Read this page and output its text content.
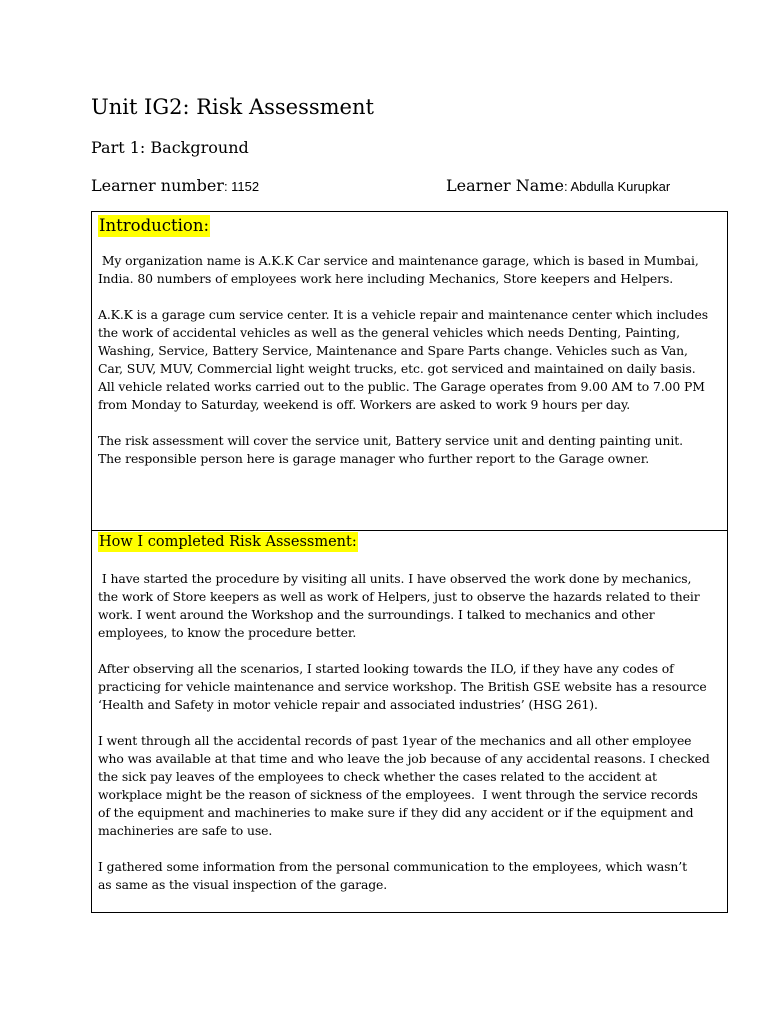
Unit IG2: Risk Assessment
Part 1: Background
Learner number: 1152	Learner Name: Abdulla Kurupkar
Introduction:

My organization name is A.K.K Car service and maintenance garage, which is based in Mumbai,
India. 80 numbers of employees work here including Mechanics, Store keepers and Helpers.

A.K.K is a garage cum service center. It is a vehicle repair and maintenance center which includes
the work of accidental vehicles as well as the general vehicles which needs Denting, Painting,
Washing, Service, Battery Service, Maintenance and Spare Parts change. Vehicles such as Van,
Car, SUV, MUV, Commercial light weight trucks, etc. got serviced and maintained on daily basis.
All vehicle related works carried out to the public. The Garage operates from 9.00 AM to 7.00 PM
from Monday to Saturday, weekend is off. Workers are asked to work 9 hours per day.

The risk assessment will cover the service unit, Battery service unit and denting painting unit.
The responsible person here is garage manager who further report to the Garage owner.

How I completed Risk Assessment:

I have started the procedure by visiting all units. I have observed the work done by mechanics,
the work of Store keepers as well as work of Helpers, just to observe the hazards related to their
work. I went around the Workshop and the surroundings. I talked to mechanics and other
employees, to know the procedure better.

After observing all the scenarios, I started looking towards the ILO, if they have any codes of
practicing for vehicle maintenance and service workshop. The British GSE website has a resource
‘Health and Safety in motor vehicle repair and associated industries’ (HSG 261).

I went through all the accidental records of past 1year of the mechanics and all other employee
who was available at that time and who leave the job because of any accidental reasons. I checked
the sick pay leaves of the employees to check whether the cases related to the accident at
workplace might be the reason of sickness of the employees.  I went through the service records
of the equipment and machineries to make sure if they did any accident or if the equipment and
machineries are safe to use.

I gathered some information from the personal communication to the employees, which wasn’t
as same as the visual inspection of the garage.
